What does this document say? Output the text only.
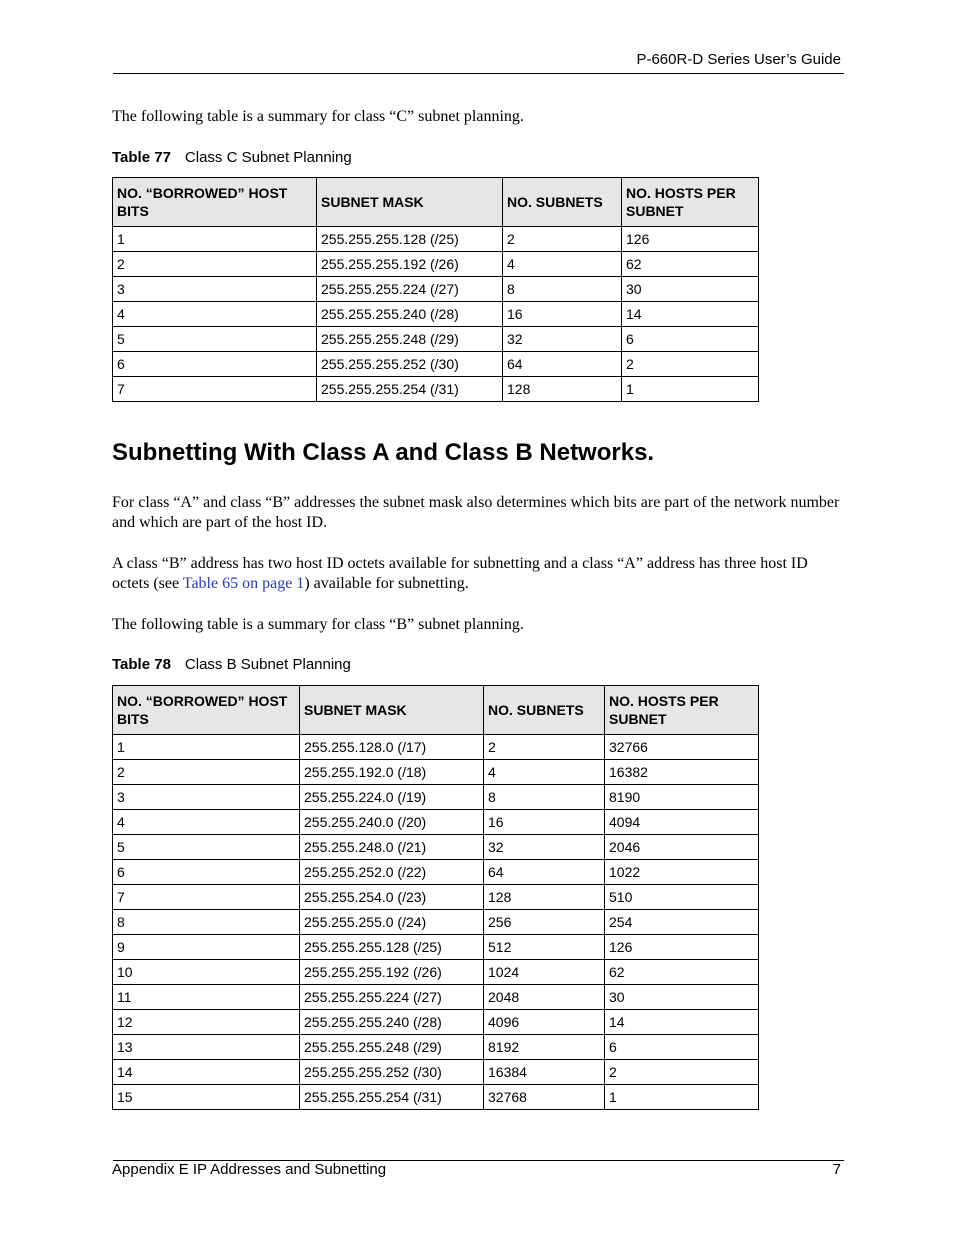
P-660R-D Series User’s Guide

The following table is a summary for class “C” subnet planning.

Table 77 Class C Subnet Planning
NO. “BORROWED” HOST BITS	SUBNET MASK	NO. SUBNETS	NO. HOSTS PER SUBNET
1	255.255.255.128 (/25)	2	126
2	255.255.255.192 (/26)	4	62
3	255.255.255.224 (/27)	8	30
4	255.255.255.240 (/28)	16	14
5	255.255.255.248 (/29)	32	6
6	255.255.255.252 (/30)	64	2
7	255.255.255.254 (/31)	128	1
Subnetting With Class A and Class B Networks.

For class “A” and class “B” addresses the subnet mask also determines which bits are part of the network number and which are part of the host ID.

A class “B” address has two host ID octets available for subnetting and a class “A” address has three host ID octets (see Table 65 on page 1) available for subnetting.

The following table is a summary for class “B” subnet planning.

Table 78 Class B Subnet Planning
NO. “BORROWED” HOST BITS	SUBNET MASK	NO. SUBNETS	NO. HOSTS PER SUBNET
1	255.255.128.0 (/17)	2	32766
2	255.255.192.0 (/18)	4	16382
3	255.255.224.0 (/19)	8	8190
4	255.255.240.0 (/20)	16	4094
5	255.255.248.0 (/21)	32	2046
6	255.255.252.0 (/22)	64	1022
7	255.255.254.0 (/23)	128	510
8	255.255.255.0 (/24)	256	254
9	255.255.255.128 (/25)	512	126
10	255.255.255.192 (/26)	1024	62
11	255.255.255.224 (/27)	2048	30
12	255.255.255.240 (/28)	4096	14
13	255.255.255.248 (/29)	8192	6
14	255.255.255.252 (/30)	16384	2
15	255.255.255.254 (/31)	32768	1
Appendix E IP Addresses and Subnetting	7
